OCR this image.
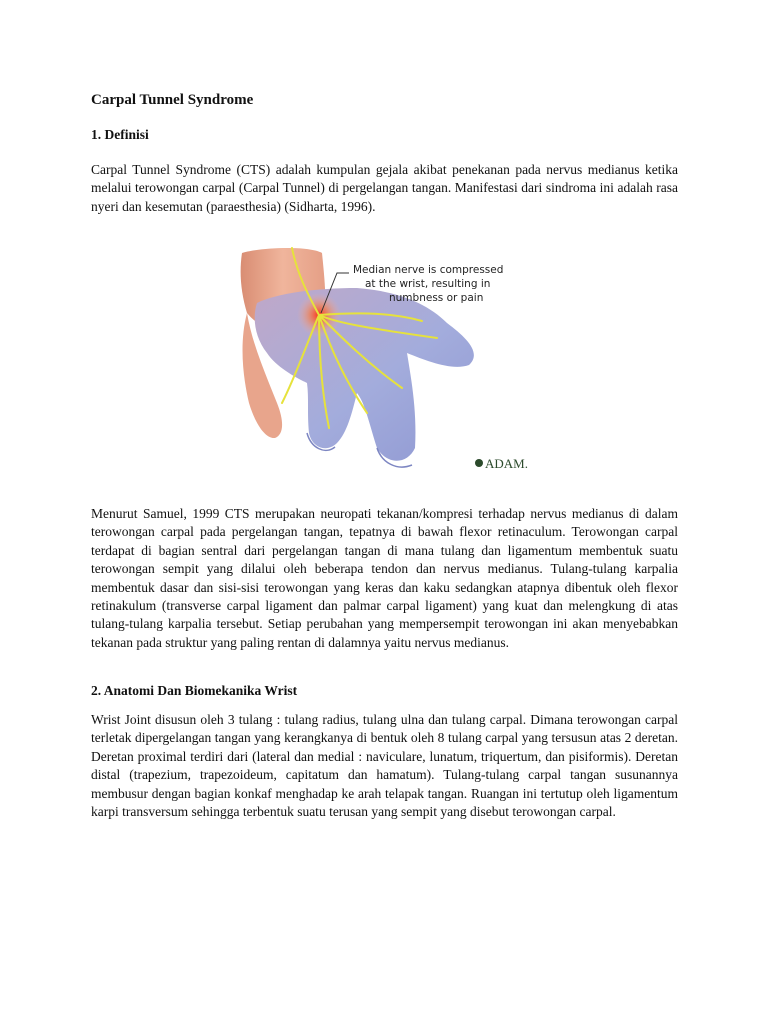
Carpal Tunnel Syndrome
1. Definisi

Carpal Tunnel Syndrome (CTS) adalah kumpulan gejala akibat penekanan pada nervus medianus ketika melalui terowongan carpal (Carpal Tunnel) di pergelangan tangan. Manifestasi dari sindroma ini adalah rasa nyeri dan kesemutan (paraesthesia) (Sidharta, 1996).

Median nerve is compressed
at the wrist, resulting in
numbness or pain
ADAM.

Menurut Samuel, 1999 CTS merupakan neuropati tekanan/kompresi terhadap nervus medianus di dalam terowongan carpal pada pergelangan tangan, tepatnya di bawah flexor retinaculum. Terowongan carpal terdapat di bagian sentral dari pergelangan tangan di mana tulang dan ligamentum membentuk suatu terowongan sempit yang dilalui oleh beberapa tendon dan nervus medianus. Tulang-tulang karpalia membentuk dasar dan sisi-sisi terowongan yang keras dan kaku sedangkan atapnya dibentuk oleh flexor retinakulum (transverse carpal ligament dan palmar carpal ligament) yang kuat dan melengkung di atas tulang-tulang karpalia tersebut. Setiap perubahan yang mempersempit terowongan ini akan menyebabkan tekanan pada struktur yang paling rentan di dalamnya yaitu nervus medianus.

2. Anatomi Dan Biomekanika Wrist

Wrist Joint disusun oleh 3 tulang : tulang radius, tulang ulna dan tulang carpal. Dimana terowongan carpal terletak dipergelangan tangan yang kerangkanya di bentuk oleh 8 tulang carpal yang tersusun atas 2 deretan. Deretan proximal terdiri dari (lateral dan medial : naviculare, lunatum, triquertum, dan pisiformis). Deretan distal (trapezium, trapezoideum, capitatum dan hamatum). Tulang-tulang carpal tangan susunannya membusur dengan bagian konkaf menghadap ke arah telapak tangan. Ruangan ini tertutup oleh ligamentum karpi transversum sehingga terbentuk suatu terusan yang sempit yang disebut terowongan carpal.
